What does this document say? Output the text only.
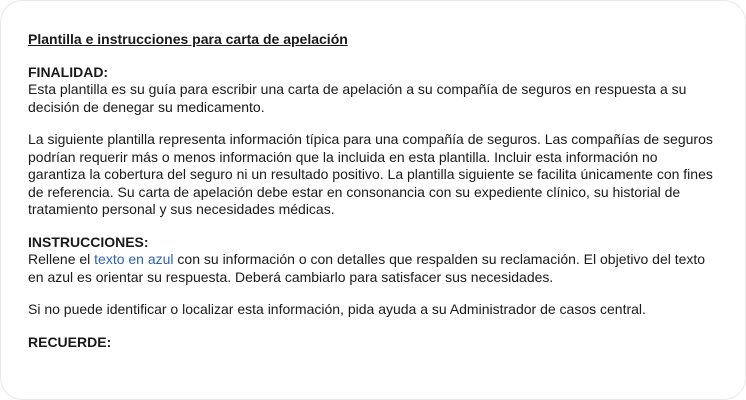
Plantilla e instrucciones para carta de apelación

FINALIDAD:

Esta plantilla es su guía para escribir una carta de apelación a su compañía de seguros en respuesta a su decisión de denegar su medicamento.

La siguiente plantilla representa información típica para una compañía de seguros. Las compañías de seguros podrían requerir más o menos información que la incluida en esta plantilla. Incluir esta información no garantiza la cobertura del seguro ni un resultado positivo. La plantilla siguiente se facilita únicamente con fines de referencia. Su carta de apelación debe estar en consonancia con su expediente clínico, su historial de tratamiento personal y sus necesidades médicas.

INSTRUCCIONES:

Rellene el texto en azul con su información o con detalles que respalden su reclamación. El objetivo del texto en azul es orientar su respuesta. Deberá cambiarlo para satisfacer sus necesidades.

Si no puede identificar o localizar esta información, pida ayuda a su Administrador de casos central.

RECUERDE:
